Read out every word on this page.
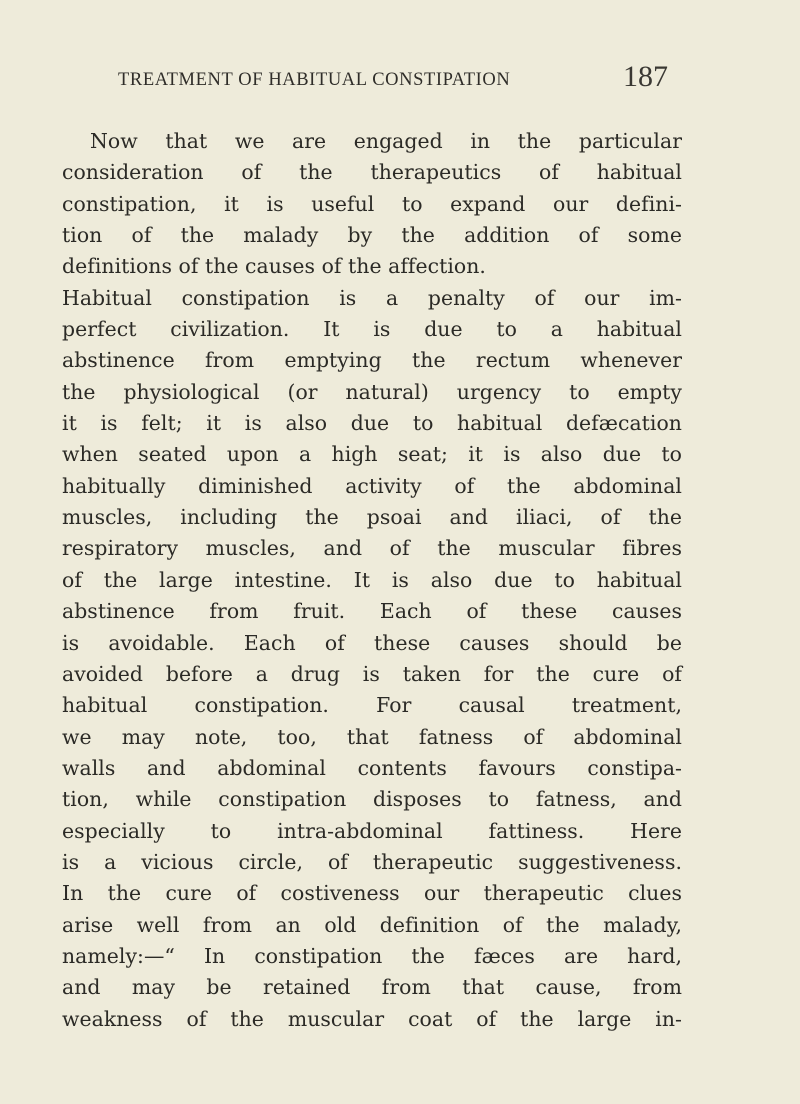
TREATMENT OF HABITUAL CONSTIPATION	187
Now that we are engaged in the particular
consideration of the therapeutics of habitual
constipation, it is useful to expand our defini-
tion of the malady by the addition of some
definitions of the causes of the affection.
Habitual constipation is a penalty of our im-
perfect civilization. It is due to a habitual
abstinence from emptying the rectum whenever
the physiological (or natural) urgency to empty
it is felt; it is also due to habitual defæcation
when seated upon a high seat; it is also due to
habitually diminished activity of the abdominal
muscles, including the psoai and iliaci, of the
respiratory muscles, and of the muscular fibres
of the large intestine. It is also due to habitual
abstinence from fruit. Each of these causes
is avoidable. Each of these causes should be
avoided before a drug is taken for the cure of
habitual constipation. For causal treatment,
we may note, too, that fatness of abdominal
walls and abdominal contents favours constipa-
tion, while constipation disposes to fatness, and
especially to intra-abdominal fattiness. Here
is a vicious circle, of therapeutic suggestiveness.
In the cure of costiveness our therapeutic clues
arise well from an old definition of the malady,
namely:—“ In constipation the fæces are hard,
and may be retained from that cause, from
weakness of the muscular coat of the large in-
